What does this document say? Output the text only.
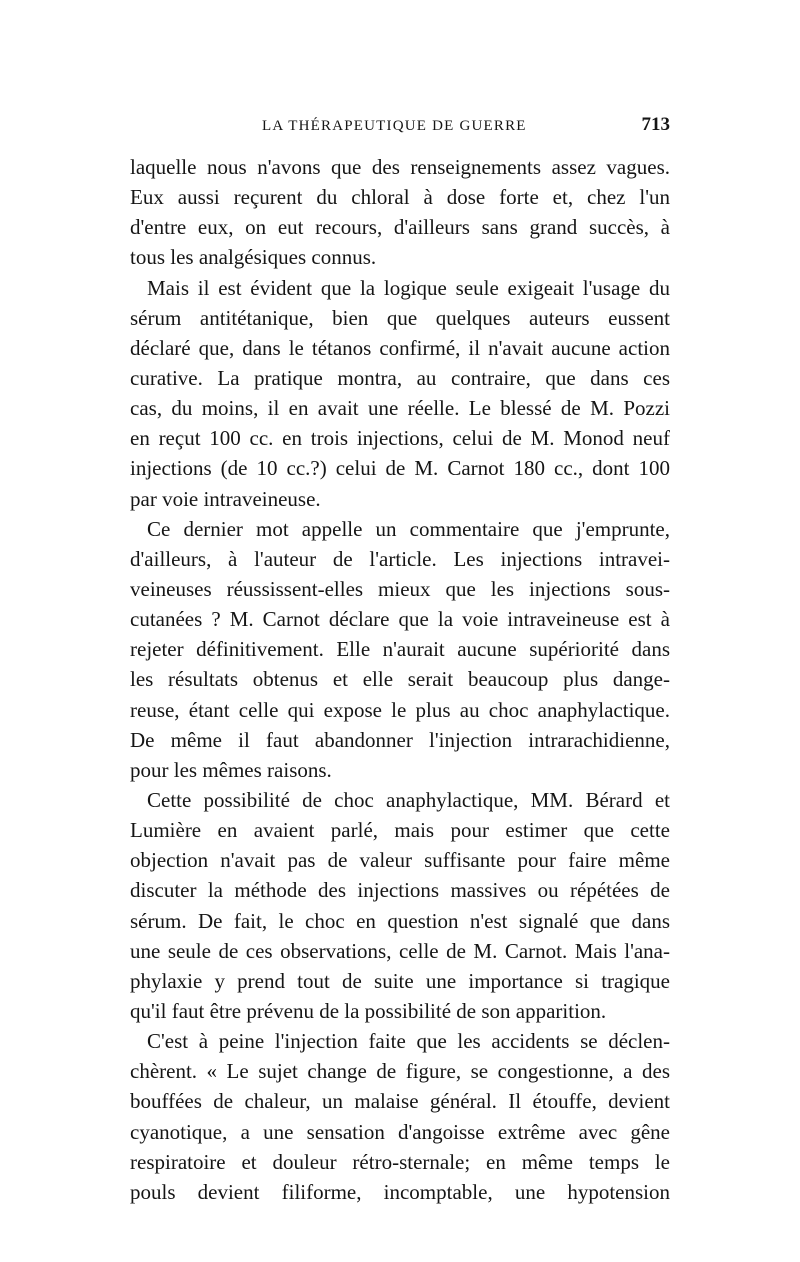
LA THÉRAPEUTIQUE DE GUERRE	713
laquelle nous n'avons que des renseignements assez vagues.
Eux aussi reçurent du chloral à dose forte et, chez l'un
d'entre eux, on eut recours, d'ailleurs sans grand succès, à
tous les analgésiques connus.
Mais il est évident que la logique seule exigeait l'usage du
sérum antitétanique, bien que quelques auteurs eussent
déclaré que, dans le tétanos confirmé, il n'avait aucune action
curative. La pratique montra, au contraire, que dans ces
cas, du moins, il en avait une réelle. Le blessé de M. Pozzi
en reçut 100 cc. en trois injections, celui de M. Monod neuf
injections (de 10 cc.?) celui de M. Carnot 180 cc., dont 100
par voie intraveineuse.
Ce dernier mot appelle un commentaire que j'emprunte,
d'ailleurs, à l'auteur de l'article. Les injections intravei-
veineuses réussissent-elles mieux que les injections sous-
cutanées ? M. Carnot déclare que la voie intraveineuse est à
rejeter définitivement. Elle n'aurait aucune supériorité dans
les résultats obtenus et elle serait beaucoup plus dange-
reuse, étant celle qui expose le plus au choc anaphylactique.
De même il faut abandonner l'injection intrarachidienne,
pour les mêmes raisons.
Cette possibilité de choc anaphylactique, MM. Bérard et
Lumière en avaient parlé, mais pour estimer que cette
objection n'avait pas de valeur suffisante pour faire même
discuter la méthode des injections massives ou répétées de
sérum. De fait, le choc en question n'est signalé que dans
une seule de ces observations, celle de M. Carnot. Mais l'ana-
phylaxie y prend tout de suite une importance si tragique
qu'il faut être prévenu de la possibilité de son apparition.
C'est à peine l'injection faite que les accidents se déclen-
chèrent. « Le sujet change de figure, se congestionne, a des
bouffées de chaleur, un malaise général. Il étouffe, devient
cyanotique, a une sensation d'angoisse extrême avec gêne
respiratoire et douleur rétro-sternale; en même temps le
pouls devient filiforme, incomptable, une hypotension
